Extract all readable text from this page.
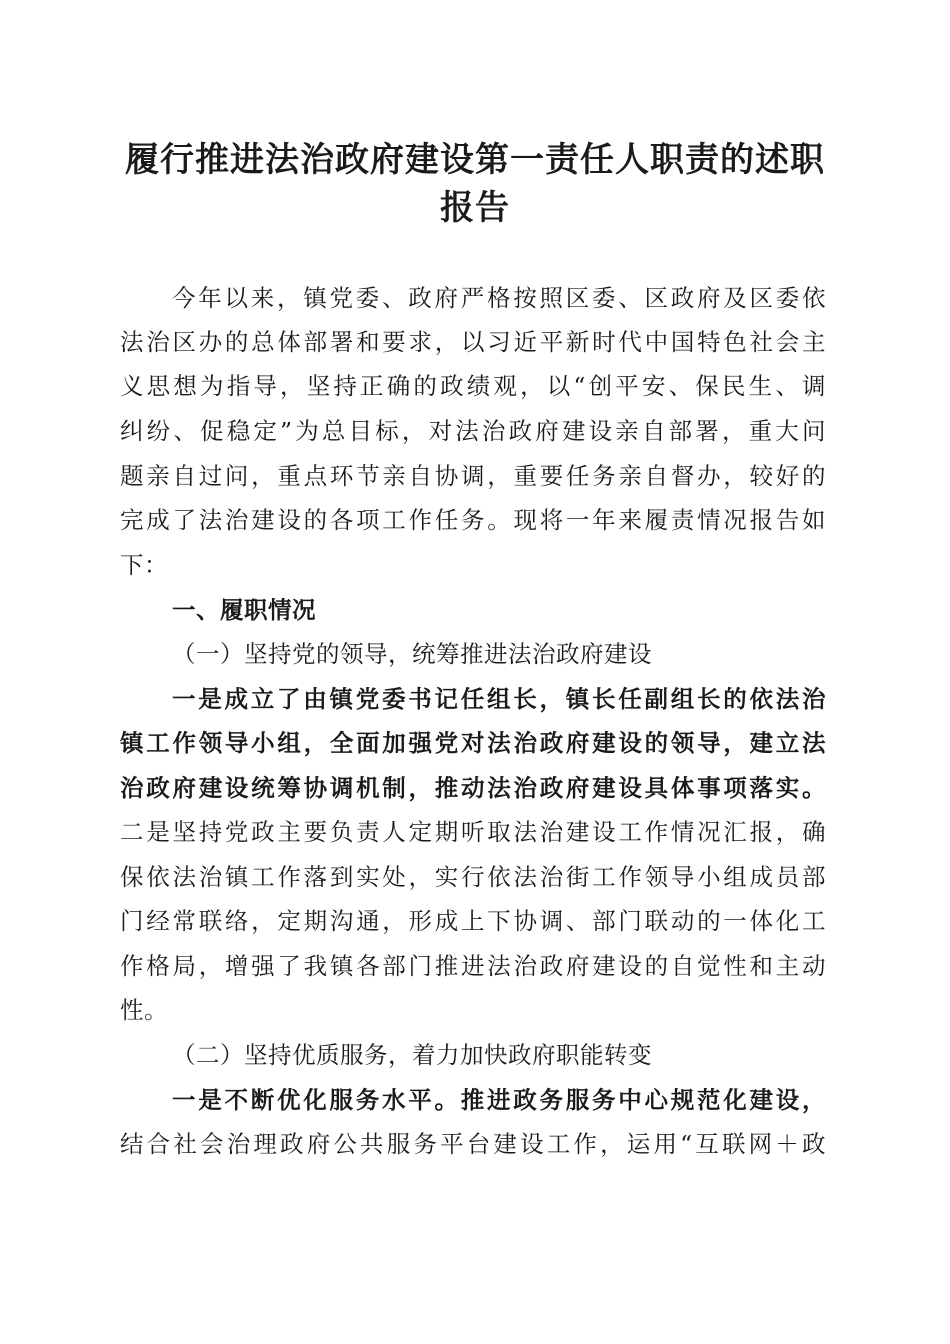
履行推进法治政府建设第一责任人职责的述职
报告
今年以来，镇党委、政府严格按照区委、区政府及区委依
法治区办的总体部署和要求，以习近平新时代中国特色社会主
义思想为指导，坚持正确的政绩观，以“创平安、保民生、调
纠纷、促稳定”为总目标，对法治政府建设亲自部署，重大问
题亲自过问，重点环节亲自协调，重要任务亲自督办，较好的
完成了法治建设的各项工作任务。现将一年来履责情况报告如
下：
一、履职情况
（一）坚持党的领导，统筹推进法治政府建设
一是成立了由镇党委书记任组长，镇长任副组长的依法治
镇工作领导小组，全面加强党对法治政府建设的领导，建立法
治政府建设统筹协调机制，推动法治政府建设具体事项落实。
二是坚持党政主要负责人定期听取法治建设工作情况汇报，确
保依法治镇工作落到实处，实行依法治街工作领导小组成员部
门经常联络，定期沟通，形成上下协调、部门联动的一体化工
作格局，增强了我镇各部门推进法治政府建设的自觉性和主动
性。
（二）坚持优质服务，着力加快政府职能转变
一是不断优化服务水平。推进政务服务中心规范化建设，
结合社会治理政府公共服务平台建设工作，运用“互联网＋政
